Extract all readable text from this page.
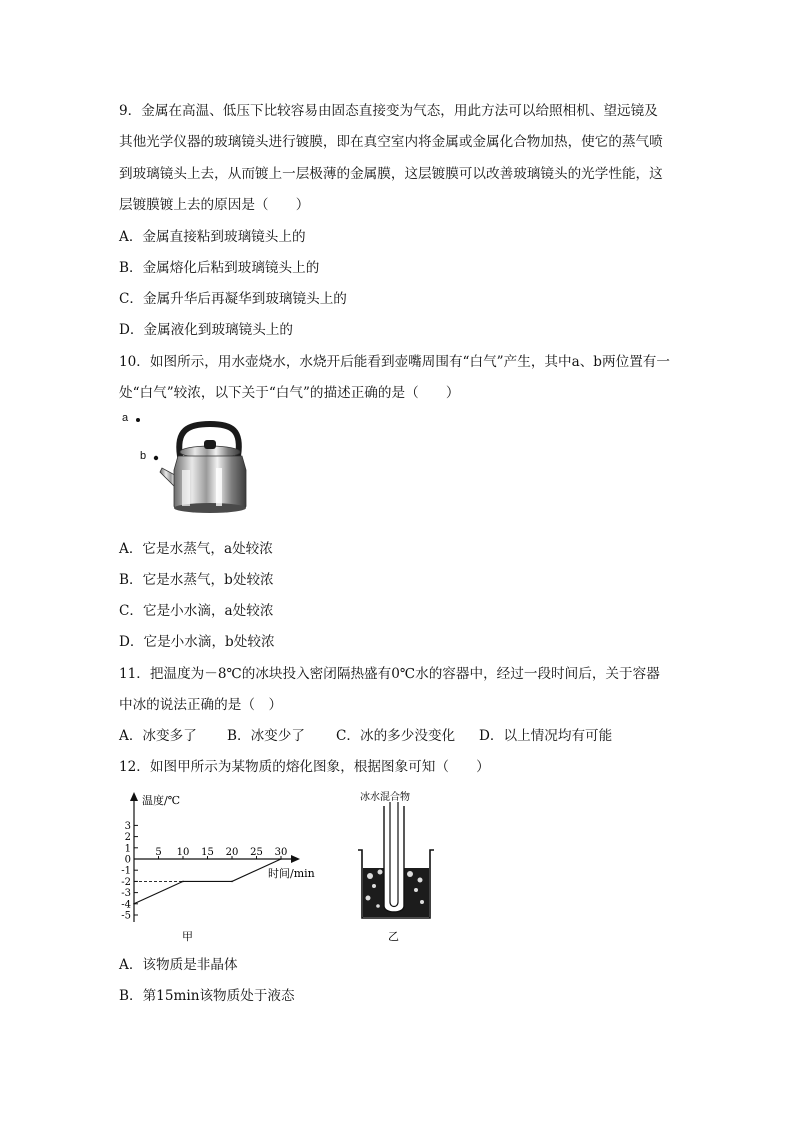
9．金属在高温、低压下比较容易由固态直接变为气态，用此方法可以给照相机、望远镜及
其他光学仪器的玻璃镜头进行镀膜，即在真空室内将金属或金属化合物加热，使它的蒸气喷
到玻璃镜头上去，从而镀上一层极薄的金属膜，这层镀膜可以改善玻璃镜头的光学性能，这
层镀膜镀上去的原因是（　　）
A．金属直接粘到玻璃镜头上的
B．金属熔化后粘到玻璃镜头上的
C．金属升华后再凝华到玻璃镜头上的
D．金属液化到玻璃镜头上的
10．如图所示，用水壶烧水，水烧开后能看到壶嘴周围有“白气”产生，其中a、b两位置有一
处“白气”较浓，以下关于“白气”的描述正确的是（　　）
a
b
A．它是水蒸气，a处较浓
B．它是水蒸气，b处较浓
C．它是小水滴，a处较浓
D．它是小水滴，b处较浓
11．把温度为－8℃的冰块投入密闭隔热盛有0℃水的容器中，经过一段时间后，关于容器
中冰的说法正确的是（　）
A．冰变多了 B．冰变少了 C．冰的多少没变化 D．以上情况均有可能
12．如图甲所示为某物质的熔化图象，根据图象可知（　　）
温度/℃
时间/min
3
2
1
0
-1
-2
-3
-4
-5
5 10 15 20 25 30
甲
冰水混合物
乙
A．该物质是非晶体
B．第15min该物质处于液态
